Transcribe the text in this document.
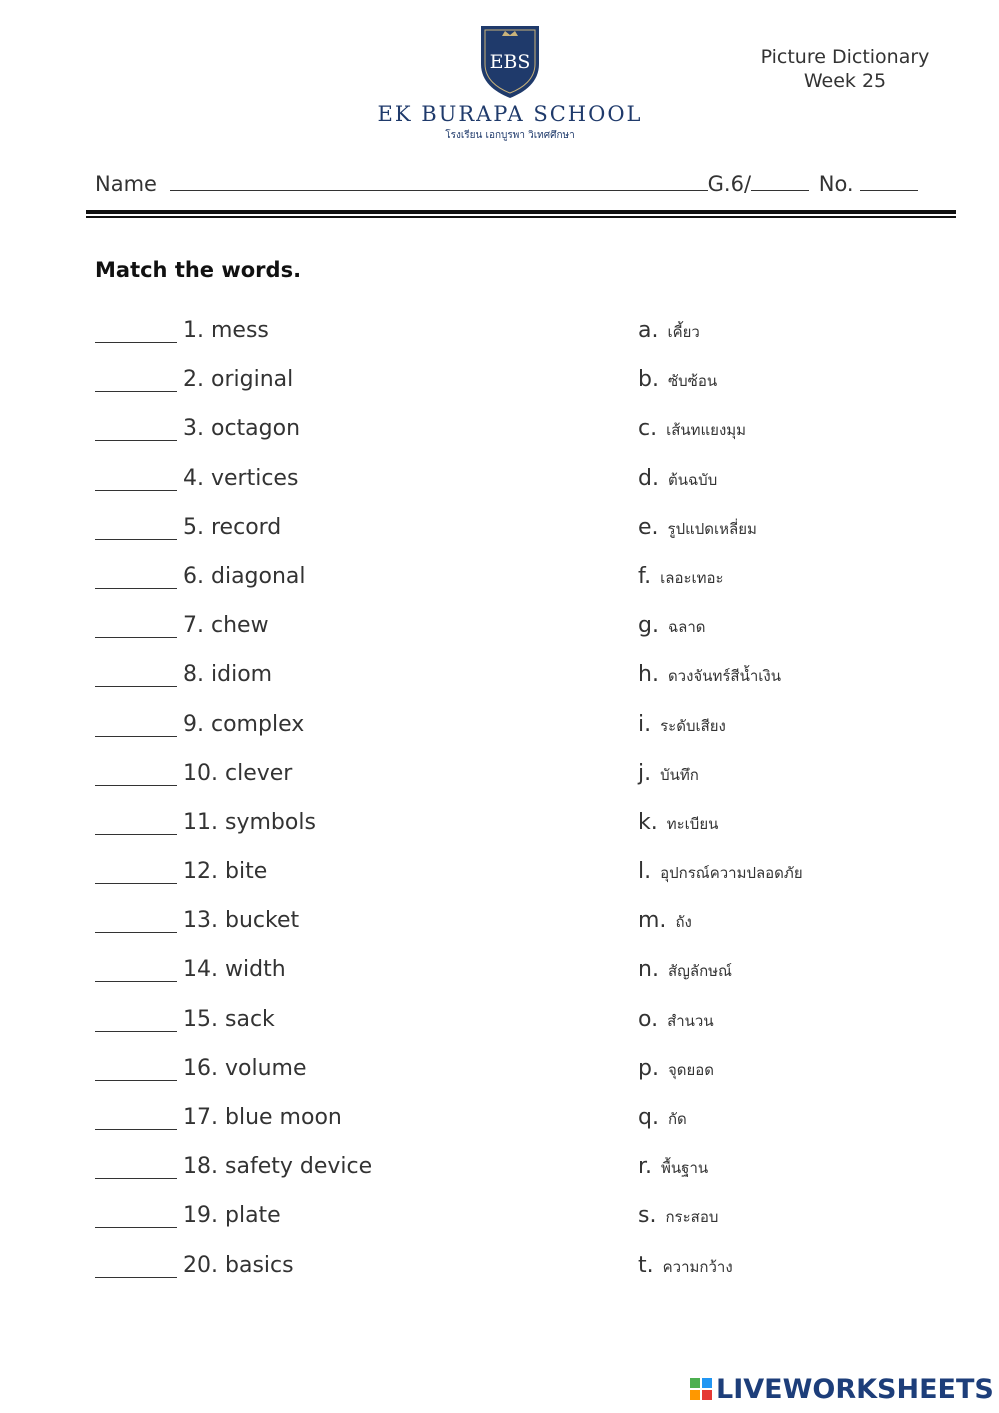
EBS
EK BURAPA SCHOOL
โรงเรียน เอกบูรพา วิเทศศึกษา
Picture Dictionary
Week 25
Name	G.6/	No.
Match the words.
1. mess	a. เคี้ยว
2. original	b. ซับซ้อน
3. octagon	c. เส้นทแยงมุม
4. vertices	d. ต้นฉบับ
5. record	e. รูปแปดเหลี่ยม
6. diagonal	f. เลอะเทอะ
7. chew	g. ฉลาด
8. idiom	h. ดวงจันทร์สีน้ำเงิน
9. complex	i. ระดับเสียง
10. clever	j. บันทึก
11. symbols	k. ทะเบียน
12. bite	l. อุปกรณ์ความปลอดภัย
13. bucket	m. ถัง
14. width	n. สัญลักษณ์
15. sack	o. สำนวน
16. volume	p. จุดยอด
17. blue moon	q. กัด
18. safety device	r. พื้นฐาน
19. plate	s. กระสอบ
20. basics	t. ความกว้าง
LIVEWORKSHEETS
